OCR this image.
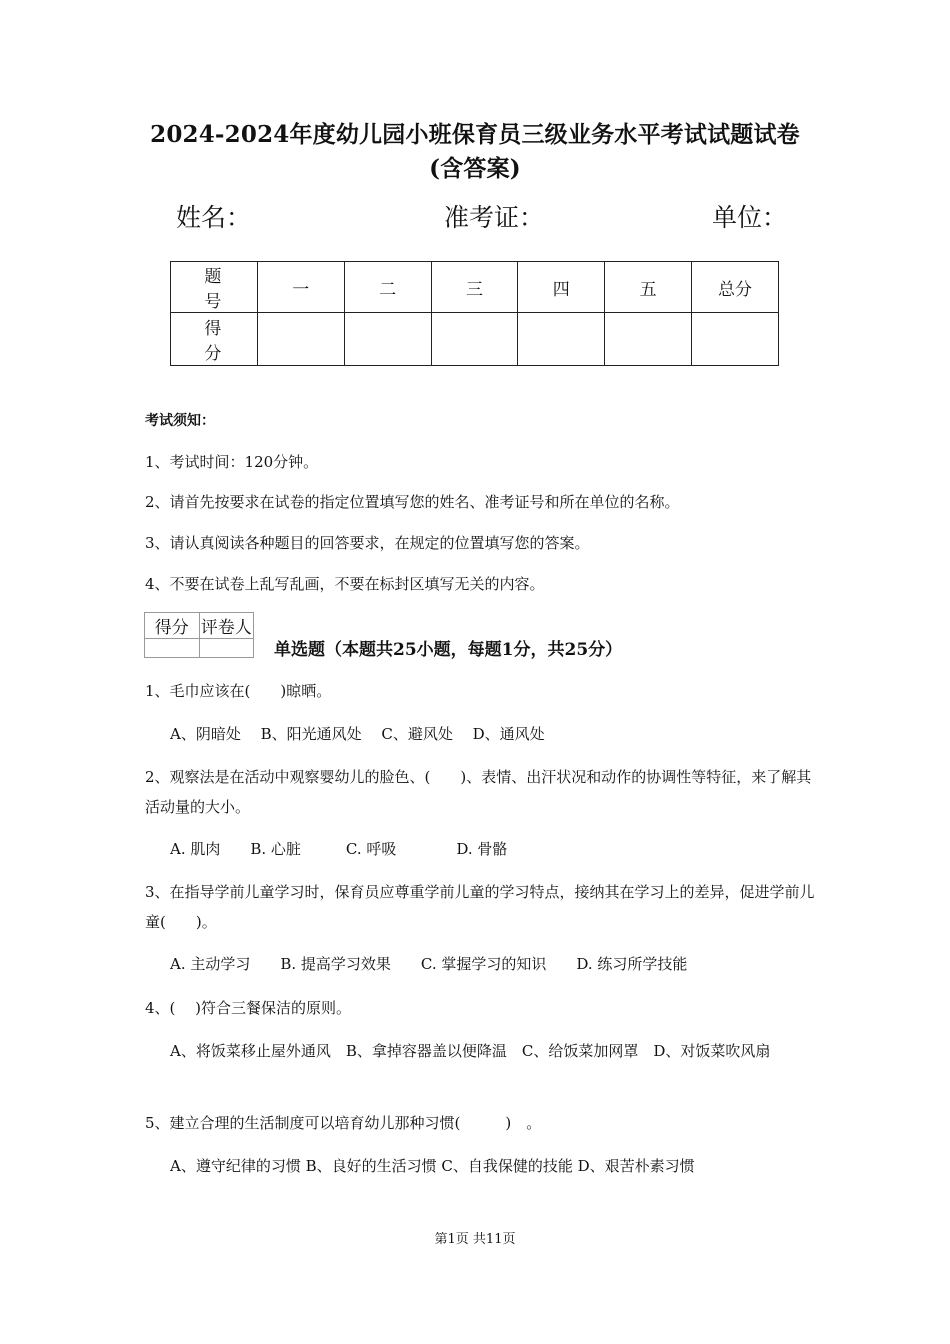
2024-2024年度幼儿园小班保育员三级业务水平考试试题试卷(含答案)
姓名：	准考证：	单位：
题　号	一	二	三	四	五	总分
得　分						
考试须知：
1、考试时间：120分钟。
2、请首先按要求在试卷的指定位置填写您的姓名、准考证号和所在单位的名称。
3、请认真阅读各种题目的回答要求，在规定的位置填写您的答案。
4、不要在试卷上乱写乱画，不要在标封区填写无关的内容。
得分	评卷人

单选题（本题共25小题，每题1分，共25分）
1、毛巾应该在(　　)晾晒。
A、阴暗处　 B、阳光通风处　 C、避风处　 D、通风处
2、观察法是在活动中观察婴幼儿的脸色、(　　)、表情、出汗状况和动作的协调性等特征，来了解其活动量的大小。
A. 肌肉　　B. 心脏　　　C. 呼吸　　　　D. 骨骼
3、在指导学前儿童学习时，保育员应尊重学前儿童的学习特点，接纳其在学习上的差异，促进学前儿童(　　)。
A. 主动学习　　B. 提高学习效果　　C. 掌握学习的知识　　D. 练习所学技能
4、(　 )符合三餐保洁的原则。
A、将饭菜移止屋外通风　B、拿掉容器盖以便降温　C、给饭菜加网罩　D、对饭菜吹风扇
5、建立合理的生活制度可以培育幼儿那种习惯(　　　)　。
A、遵守纪律的习惯 B、良好的生活习惯 C、自我保健的技能 D、艰苦朴素习惯
第1页 共11页
